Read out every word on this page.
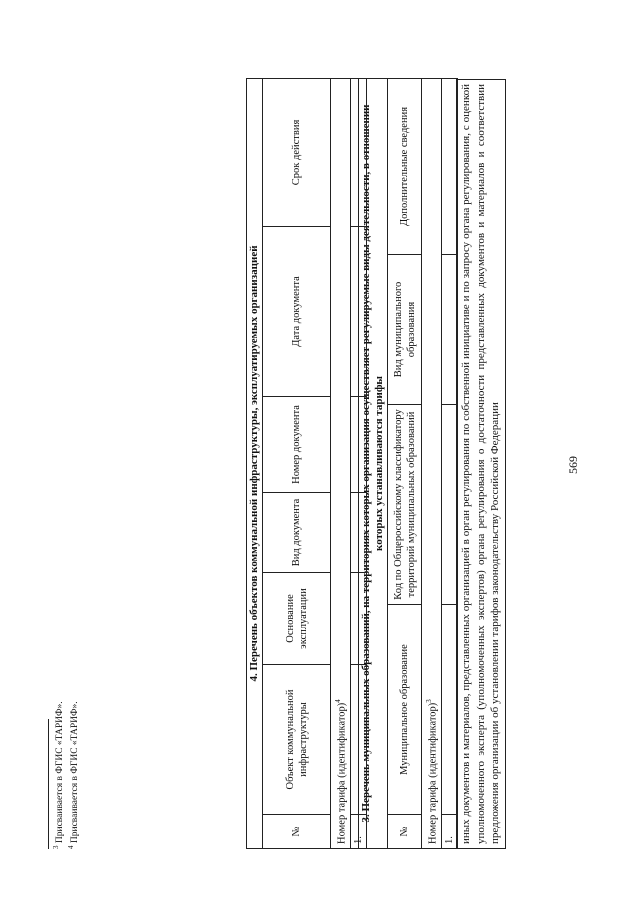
569
иных документов и материалов, представленных организацией в орган регулирования по собственной инициативе и по запросу органа регулирования, с оценкой уполномоченного эксперта (уполномоченных экспертов) органа регулирования о достаточности представленных документов и материалов и соответствии предложения организации об установлении тарифов законодательству Российской Федерации
3. Перечень муниципальных образований, на территориях которых организация осуществляет регулируемые виды деятельности, в отношении которых устанавливаются тарифы				
№	Муниципальное образование	Код по Общероссийскому классификатору территорий муниципальных образований	Вид муниципального образования	Дополнительные сведения
Номер тарифа (идентификатор)$^3$
1.				
4. Перечень объектов коммунальной инфраструктуры, эксплуатируемых организацией						
№	Объект коммунальной инфраструктуры	Основание эксплуатации	Вид документа	Номер документа	Дата документа	Срок действия
Номер тарифа (идентификатор)$^4$
1.						
$^3$ Присваивается в ФГИС «ТАРИФ».
$^4$ Присваивается в ФГИС «ТАРИФ».
